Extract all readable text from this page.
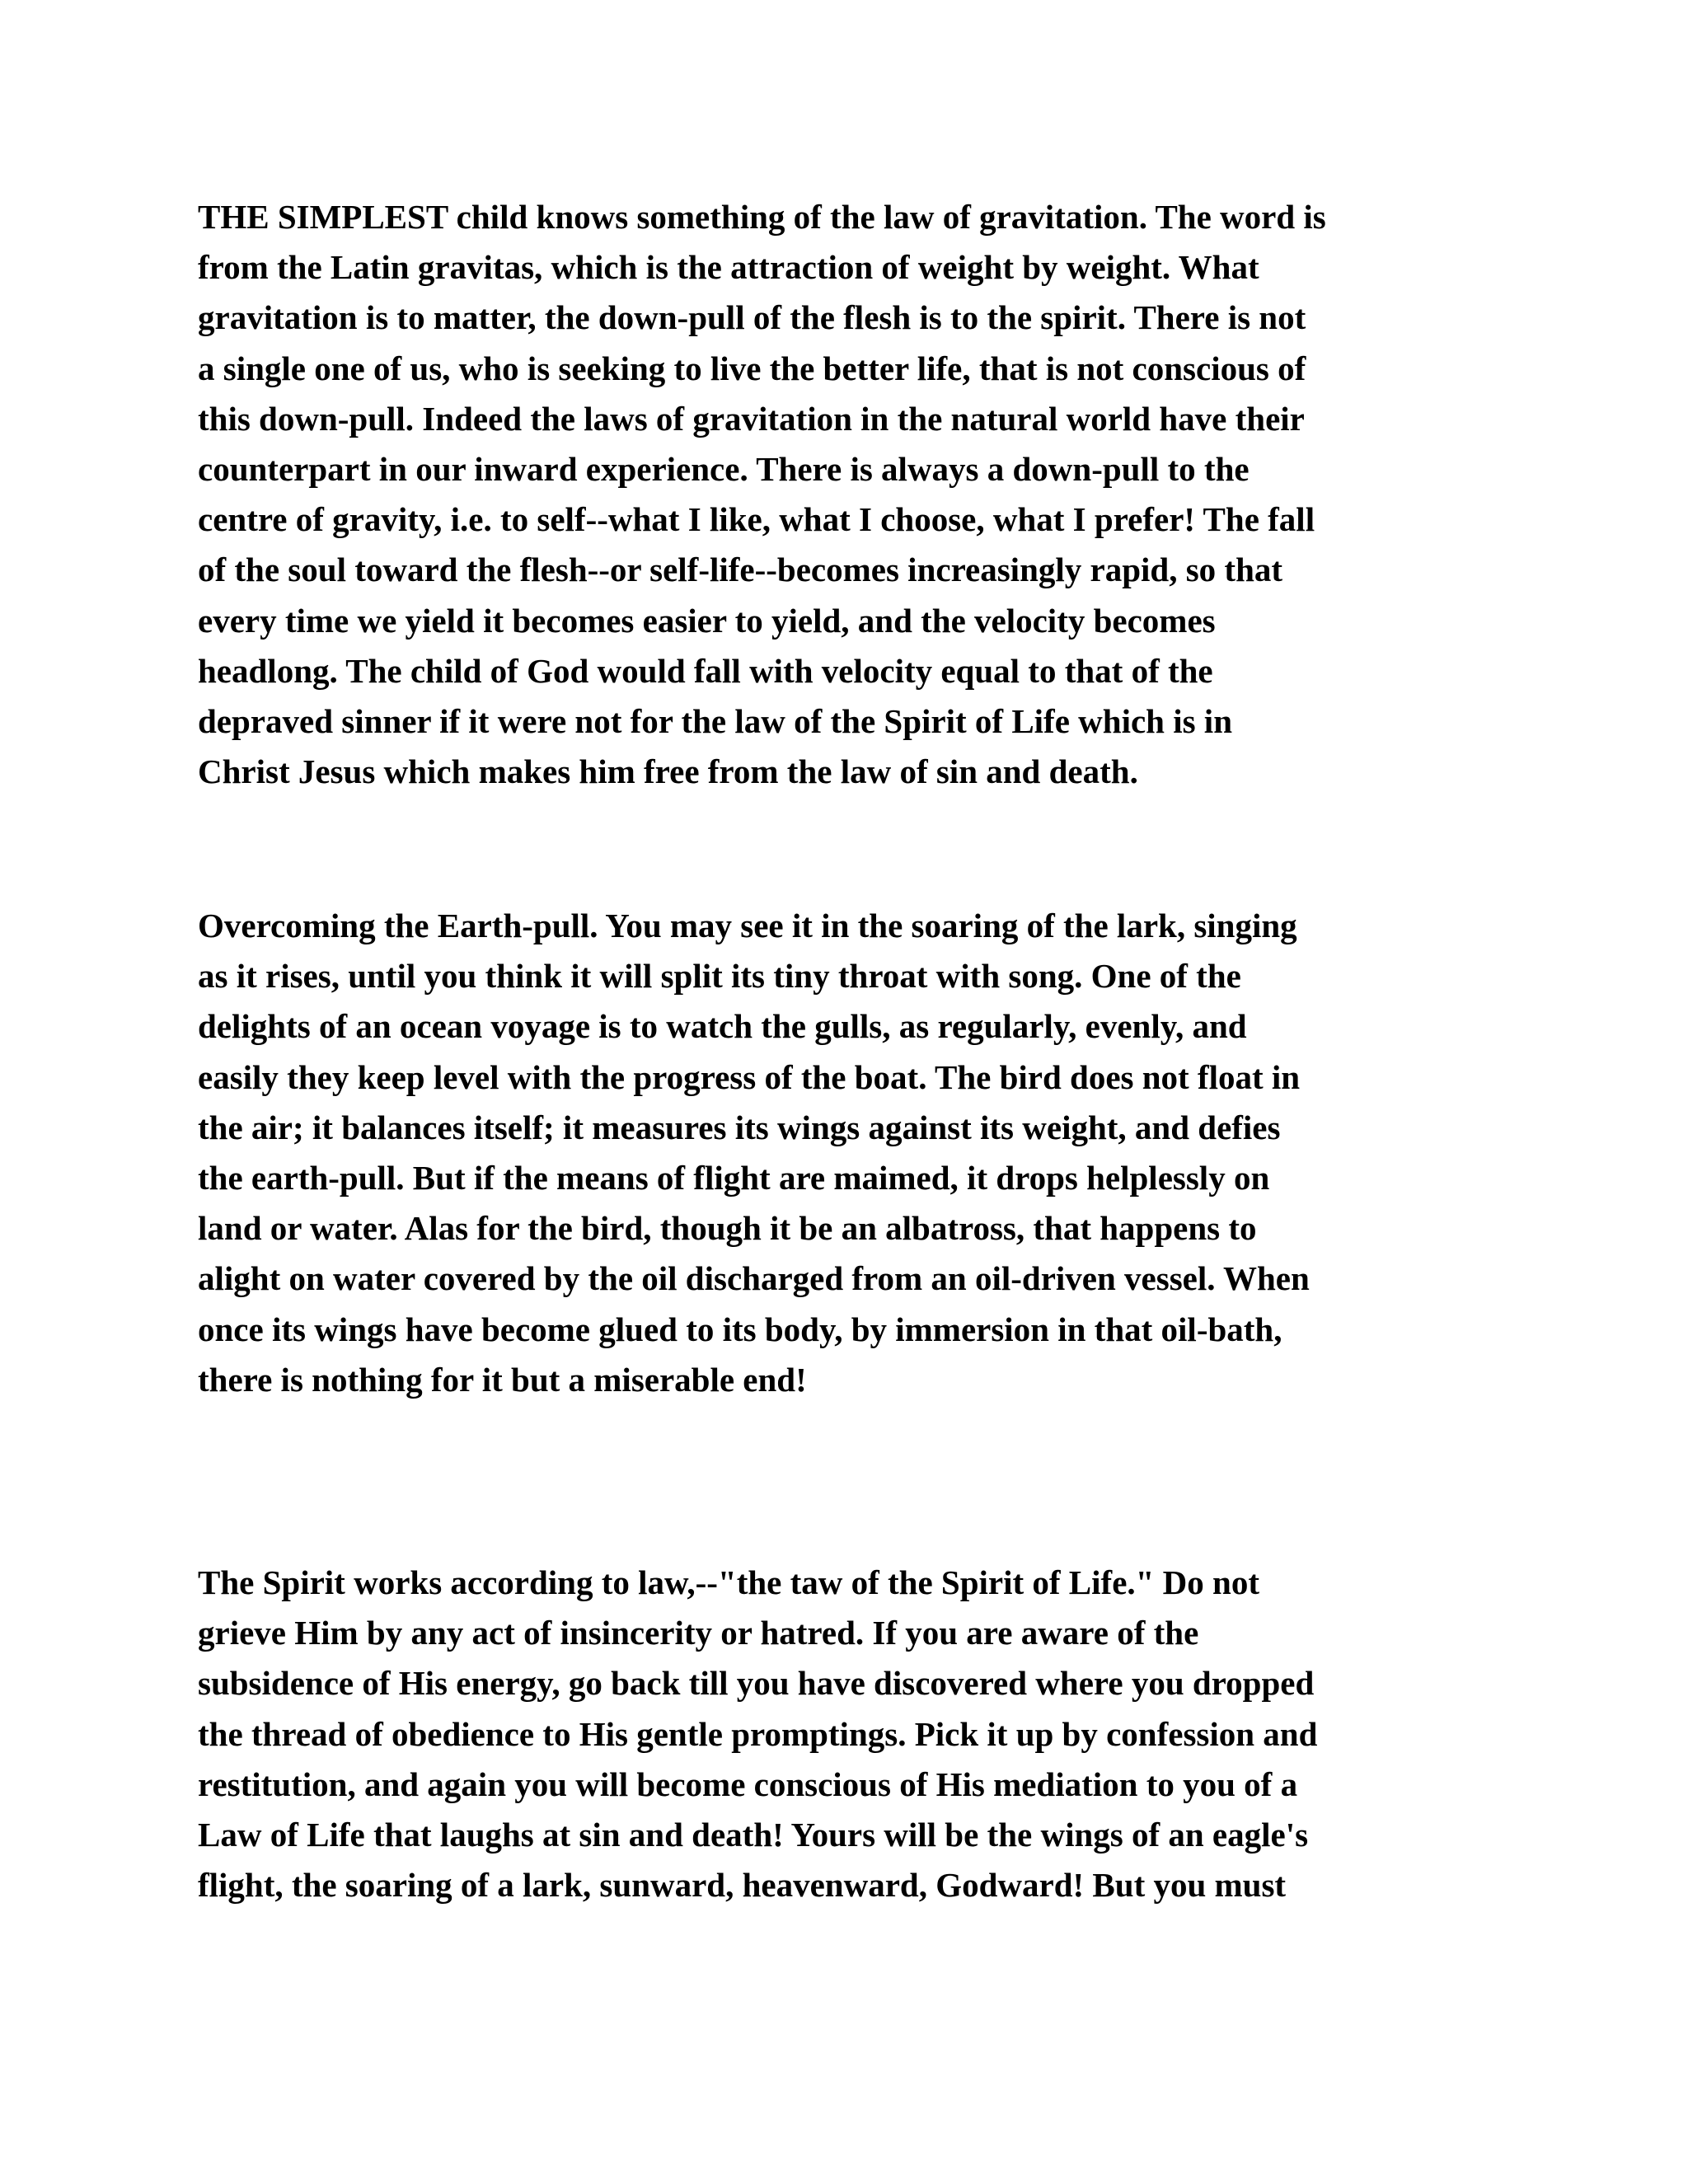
THE SIMPLEST child knows something of the law of gravitation. The word is
from the Latin gravitas, which is the attraction of weight by weight. What
gravitation is to matter, the down-pull of the flesh is to the spirit. There is not
a single one of us, who is seeking to live the better life, that is not conscious of
this down-pull. Indeed the laws of gravitation in the natural world have their
counterpart in our inward experience. There is always a down-pull to the
centre of gravity, i.e. to self--what I like, what I choose, what I prefer! The fall
of the soul toward the flesh--or self-life--becomes increasingly rapid, so that
every time we yield it becomes easier to yield, and the velocity becomes
headlong. The child of God would fall with velocity equal to that of the
depraved sinner if it were not for the law of the Spirit of Life which is in
Christ Jesus which makes him free from the law of sin and death.
Overcoming the Earth-pull. You may see it in the soaring of the lark, singing
as it rises, until you think it will split its tiny throat with song. One of the
delights of an ocean voyage is to watch the gulls, as regularly, evenly, and
easily they keep level with the progress of the boat. The bird does not float in
the air; it balances itself; it measures its wings against its weight, and defies
the earth-pull. But if the means of flight are maimed, it drops helplessly on
land or water. Alas for the bird, though it be an albatross, that happens to
alight on water covered by the oil discharged from an oil-driven vessel. When
once its wings have become glued to its body, by immersion in that oil-bath,
there is nothing for it but a miserable end!
The Spirit works according to law,--"the taw of the Spirit of Life." Do not
grieve Him by any act of insincerity or hatred. If you are aware of the
subsidence of His energy, go back till you have discovered where you dropped
the thread of obedience to His gentle promptings. Pick it up by confession and
restitution, and again you will become conscious of His mediation to you of a
Law of Life that laughs at sin and death! Yours will be the wings of an eagle's
flight, the soaring of a lark, sunward, heavenward, Godward! But you must
